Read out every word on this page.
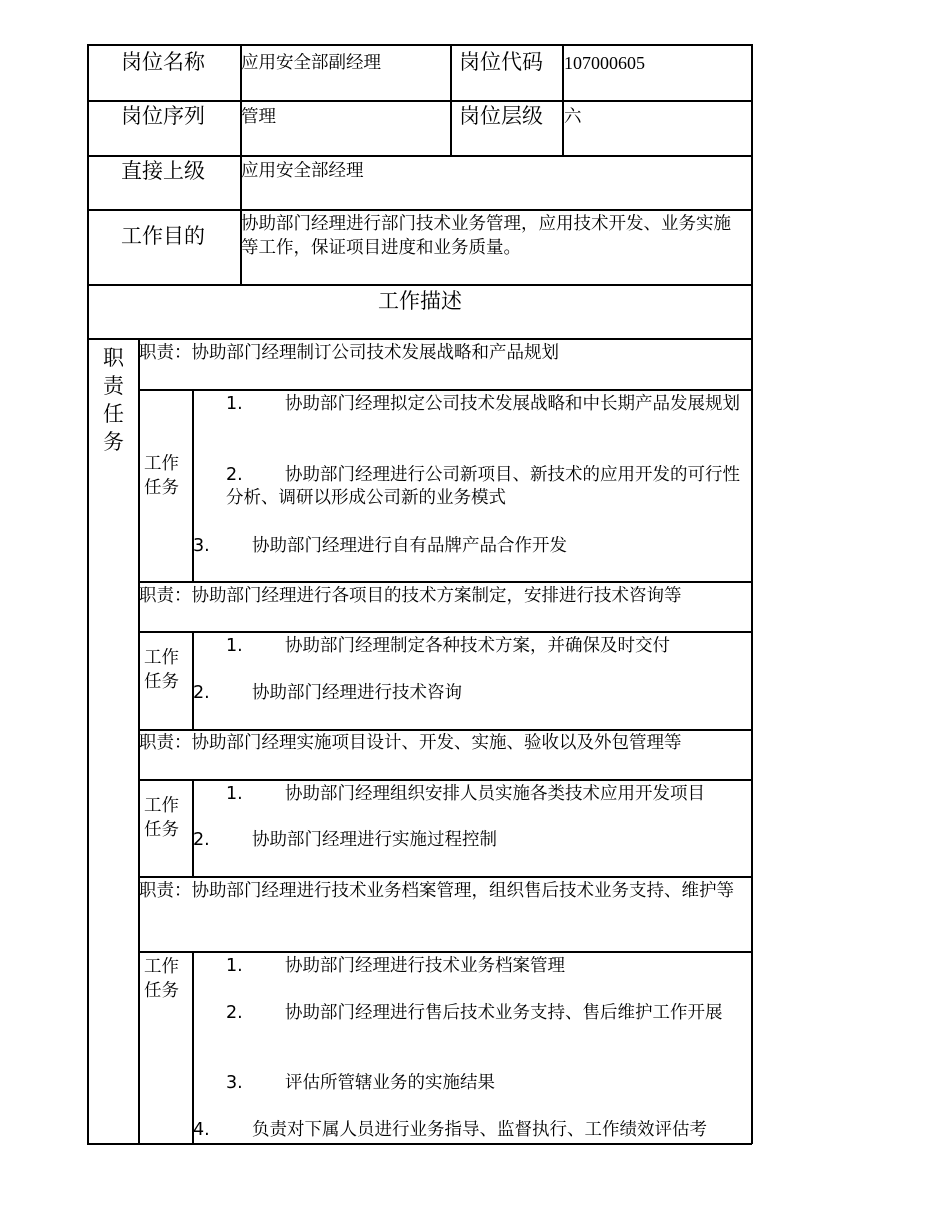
岗位名称 应用安全部副经理	岗位代码 107000605
岗位序列 管理	岗位层级 六
直接上级 应用安全部经理
工作目的 协助部门经理进行部门技术业务管理，应用技术开发、业务实施等工作，保证项目进度和业务质量。
工作描述
职责任务
职责：协助部门经理制订公司技术发展战略和产品规划
工作任务
1.	协助部门经理拟定公司技术发展战略和中长期产品发展规划
2.	协助部门经理进行公司新项目、新技术的应用开发的可行性分析、调研以形成公司新的业务模式
3.	协助部门经理进行自有品牌产品合作开发
职责：协助部门经理进行各项目的技术方案制定，安排进行技术咨询等
工作任务
1.	协助部门经理制定各种技术方案，并确保及时交付
2.	协助部门经理进行技术咨询
职责：协助部门经理实施项目设计、开发、实施、验收以及外包管理等
工作任务
1.	协助部门经理组织安排人员实施各类技术应用开发项目
2.	协助部门经理进行实施过程控制
职责：协助部门经理进行技术业务档案管理，组织售后技术业务支持、维护等
工作任务
1.	协助部门经理进行技术业务档案管理
2.	协助部门经理进行售后技术业务支持、售后维护工作开展
3.	评估所管辖业务的实施结果
4.	负责对下属人员进行业务指导、监督执行、工作绩效评估考
